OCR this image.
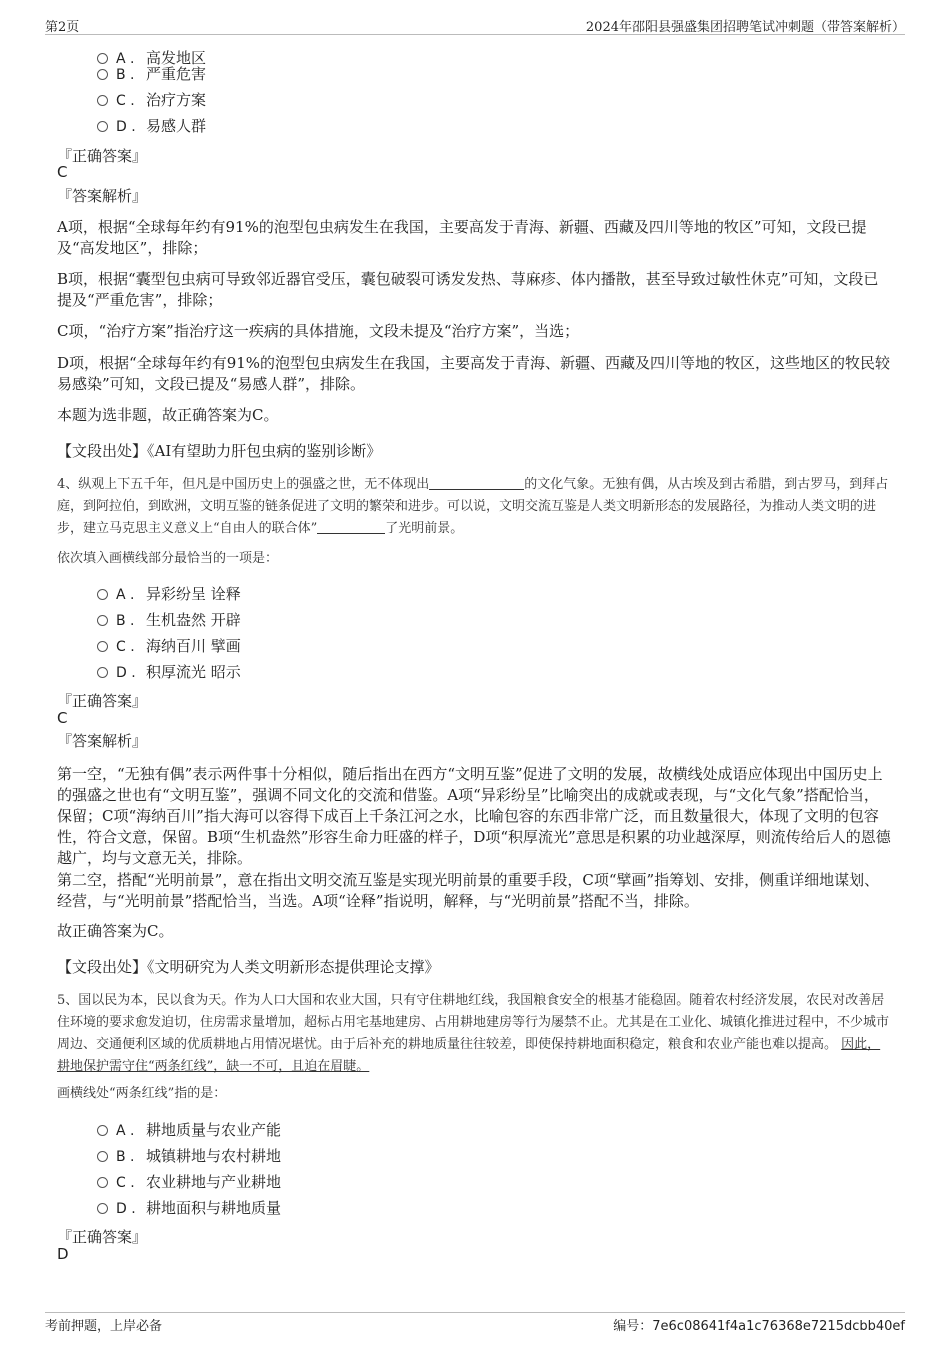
第2页	2024年邵阳县强盛集团招聘笔试冲刺题（带答案解析）
A . 高发地区
B . 严重危害
C . 治疗方案
D . 易感人群
『正确答案』
C
『答案解析』
A项，根据“全球每年约有91%的泡型包虫病发生在我国，主要高发于青海、新疆、西藏及四川等地的牧区”可知，文段已提及“高发地区”，排除；
B项，根据“囊型包虫病可导致邻近器官受压，囊包破裂可诱发发热、荨麻疹、体内播散，甚至导致过敏性休克”可知，文段已提及“严重危害”，排除；
C项，“治疗方案”指治疗这一疾病的具体措施，文段未提及“治疗方案”，当选；
D项，根据“全球每年约有91%的泡型包虫病发生在我国，主要高发于青海、新疆、西藏及四川等地的牧区，这些地区的牧民较易感染”可知，文段已提及“易感人群”，排除。
本题为选非题，故正确答案为C。
【文段出处】《AI有望助力肝包虫病的鉴别诊断》
4、纵观上下五千年，但凡是中国历史上的强盛之世，无不体现出	的文化气象。无独有偶，从古埃及到古希腊，到古罗马，到拜占庭，到阿拉伯，到欧洲，文明互鉴的链条促进了文明的繁荣和进步。可以说，文明交流互鉴是人类文明新形态的发展路径，为推动人类文明的进步，建立马克思主义意义上“自由人的联合体”	了光明前景。
依次填入画横线部分最恰当的一项是：
A . 异彩纷呈 诠释
B . 生机盎然 开辟
C . 海纳百川 擘画
D . 积厚流光 昭示
『正确答案』
C
『答案解析』
第一空，“无独有偶”表示两件事十分相似，随后指出在西方“文明互鉴”促进了文明的发展，故横线处成语应体现出中国历史上的强盛之世也有“文明互鉴”，强调不同文化的交流和借鉴。A项“异彩纷呈”比喻突出的成就或表现，与“文化气象”搭配恰当，保留；C项“海纳百川”指大海可以容得下成百上千条江河之水，比喻包容的东西非常广泛，而且数量很大，体现了文明的包容性，符合文意，保留。B项“生机盎然”形容生命力旺盛的样子，D项“积厚流光”意思是积累的功业越深厚，则流传给后人的恩德越广，均与文意无关，排除。
第二空，搭配“光明前景”，意在指出文明交流互鉴是实现光明前景的重要手段，C项“擘画”指筹划、安排，侧重详细地谋划、经营，与“光明前景”搭配恰当，当选。A项“诠释”指说明，解释，与“光明前景”搭配不当，排除。
故正确答案为C。
【文段出处】《文明研究为人类文明新形态提供理论支撑》
5、国以民为本，民以食为天。作为人口大国和农业大国，只有守住耕地红线，我国粮食安全的根基才能稳固。随着农村经济发展，农民对改善居住环境的要求愈发迫切，住房需求量增加，超标占用宅基地建房、占用耕地建房等行为屡禁不止。尤其是在工业化、城镇化推进过程中，不少城市周边、交通便利区域的优质耕地占用情况堪忧。由于后补充的耕地质量往往较差，即使保持耕地面积稳定，粮食和农业产能也难以提高。 因此，耕地保护需守住“两条红线”，缺一不可，且迫在眉睫。
画横线处“两条红线”指的是：
A . 耕地质量与农业产能
B . 城镇耕地与农村耕地
C . 农业耕地与产业耕地
D . 耕地面积与耕地质量
『正确答案』
D
考前押题，上岸必备	编号：7e6c08641f4a1c76368e7215dcbb40ef
